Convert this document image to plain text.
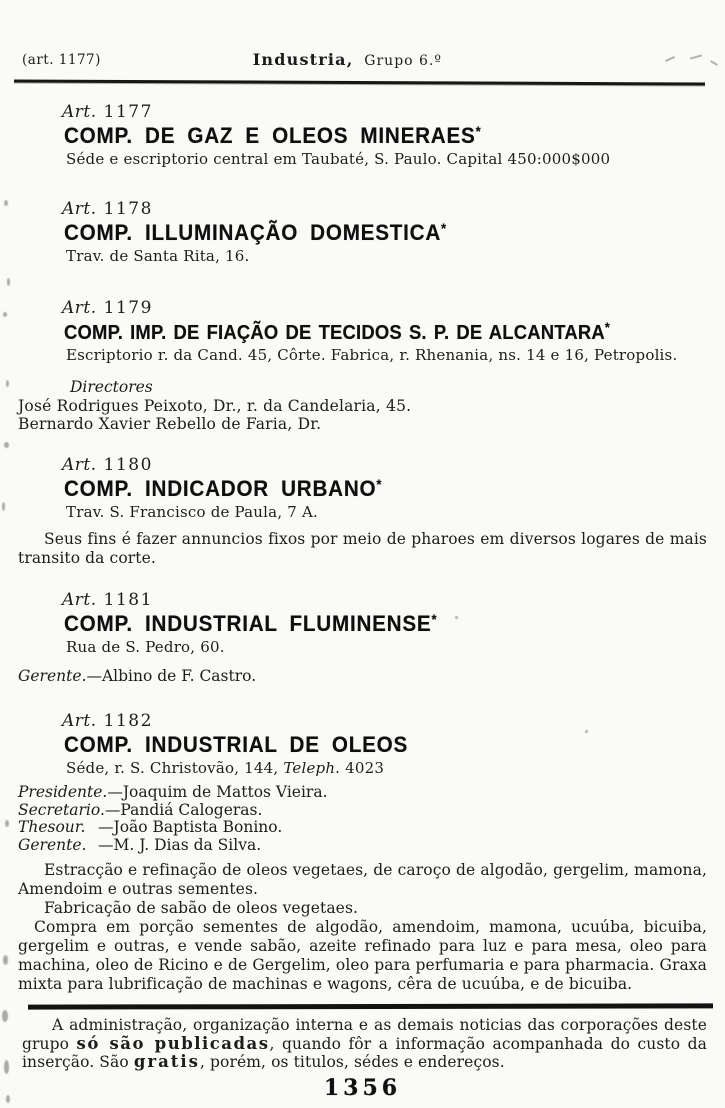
(art. 1177)	Industria, Grupo 6.º
Art. 1177
COMP. DE GAZ E OLEOS MINERAES*
Séde e escriptorio central em Taubaté, S. Paulo. Capital 450:000$000
Art. 1178
COMP. ILLUMINAÇÃO DOMESTICA*
Trav. de Santa Rita, 16.
Art. 1179
COMP. IMP. DE FIAÇÃO DE TECIDOS S. P. DE ALCANTARA*
Escriptorio r. da Cand. 45, Côrte. Fabrica, r. Rhenania, ns. 14 e 16, Petropolis.
Directores
José Rodrigues Peixoto, Dr., r. da Candelaria, 45.
Bernardo Xavier Rebello de Faria, Dr.
Art. 1180
COMP. INDICADOR URBANO*
Trav. S. Francisco de Paula, 7 A.
Seus fins é fazer annuncios fixos por meio de pharoes em diversos logares de mais transito da corte.
Art. 1181
COMP. INDUSTRIAL FLUMINENSE*
Rua de S. Pedro, 60.
Gerente.—Albino de F. Castro.
Art. 1182
COMP. INDUSTRIAL DE OLEOS
Séde, r. S. Christovão, 144, Teleph. 4023
Presidente. —Joaquim de Mattos Vieira.
Secretario. —Pandiá Calogeras.
Thesour. —João Baptista Bonino.
Gerente. —M. J. Dias da Silva.
Estracção e refinação de oleos vegetaes, de caroço de algodão, gergelim, mamona, Amendoim e outras sementes.
Fabricação de sabão de oleos vegetaes.
Compra em porção sementes de algodão, amendoim, mamona, ucuúba, bicuiba, gergelim e outras, e vende sabão, azeite refinado para luz e para mesa, oleo para machina, oleo de Ricino e de Gergelim, oleo para perfumaria e para pharmacia. Graxa mixta para lubrificação de machinas e wagons, cêra de ucuúba, e de bicuiba.
A administração, organização interna e as demais noticias das corporações deste grupo só são publicadas, quando fôr a informação acompanhada do custo da inserção. São gratis, porém, os titulos, sédes e endereços.
1356
